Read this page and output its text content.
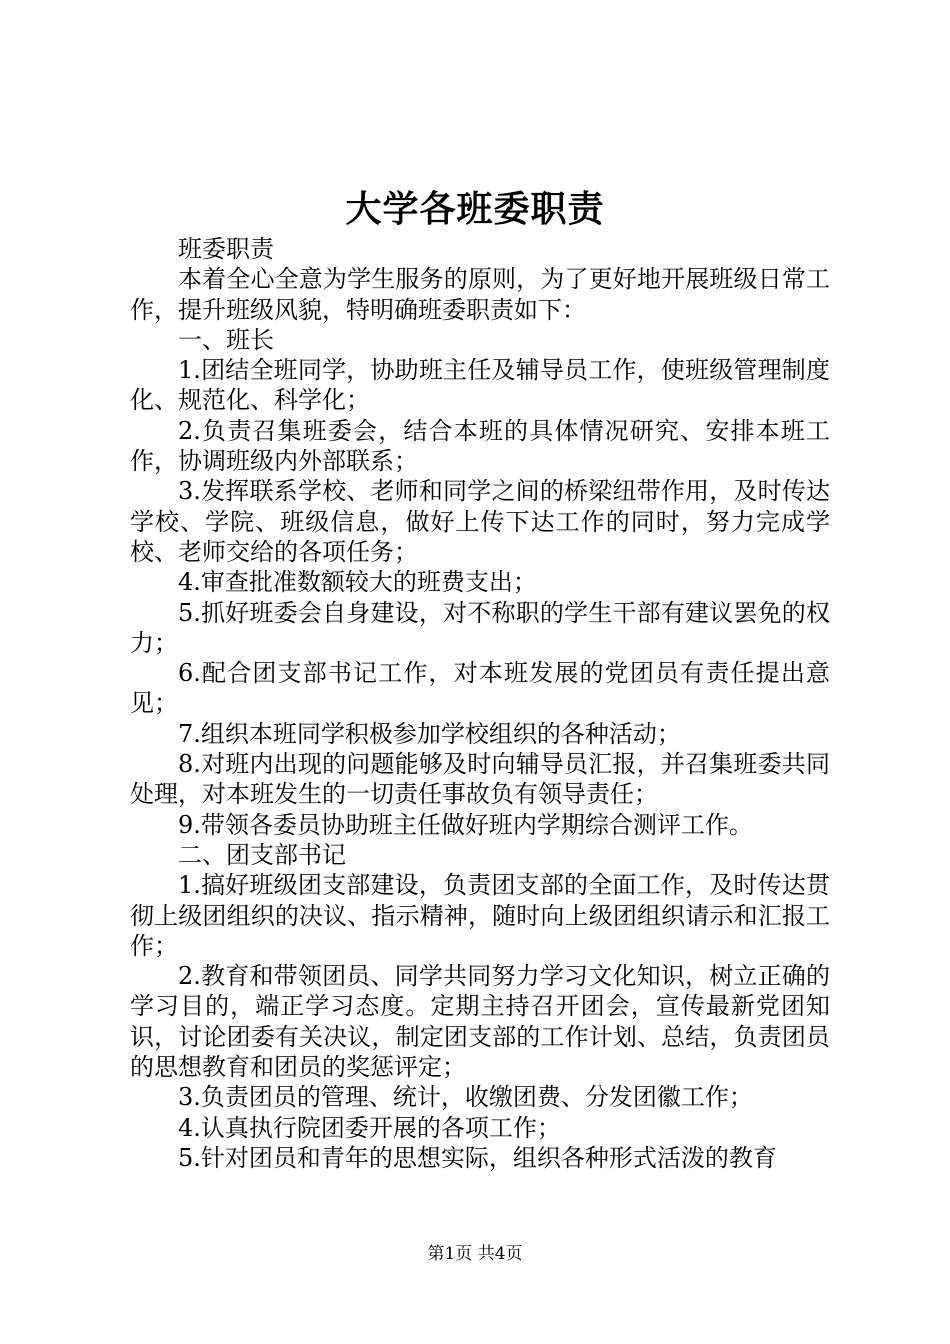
大学各班委职责

班委职责

本着全心全意为学生服务的原则，为了更好地开展班级日常工作，提升班级风貌，特明确班委职责如下：

一、班长

1.团结全班同学，协助班主任及辅导员工作，使班级管理制度化、规范化、科学化；

2.负责召集班委会，结合本班的具体情况研究、安排本班工作，协调班级内外部联系；

3.发挥联系学校、老师和同学之间的桥梁纽带作用，及时传达学校、学院、班级信息，做好上传下达工作的同时，努力完成学校、老师交给的各项任务；

4.审查批准数额较大的班费支出；

5.抓好班委会自身建设，对不称职的学生干部有建议罢免的权力；

6.配合团支部书记工作，对本班发展的党团员有责任提出意见；

7.组织本班同学积极参加学校组织的各种活动；

8.对班内出现的问题能够及时向辅导员汇报，并召集班委共同处理，对本班发生的一切责任事故负有领导责任；

9.带领各委员协助班主任做好班内学期综合测评工作。

二、团支部书记

1.搞好班级团支部建设，负责团支部的全面工作，及时传达贯彻上级团组织的决议、指示精神，随时向上级团组织请示和汇报工作；

2.教育和带领团员、同学共同努力学习文化知识，树立正确的学习目的，端正学习态度。定期主持召开团会，宣传最新党团知识，讨论团委有关决议，制定团支部的工作计划、总结，负责团员的思想教育和团员的奖惩评定；

3.负责团员的管理、统计，收缴团费、分发团徽工作；

4.认真执行院团委开展的各项工作；

5.针对团员和青年的思想实际，组织各种形式活泼的教育

第1页 共4页
